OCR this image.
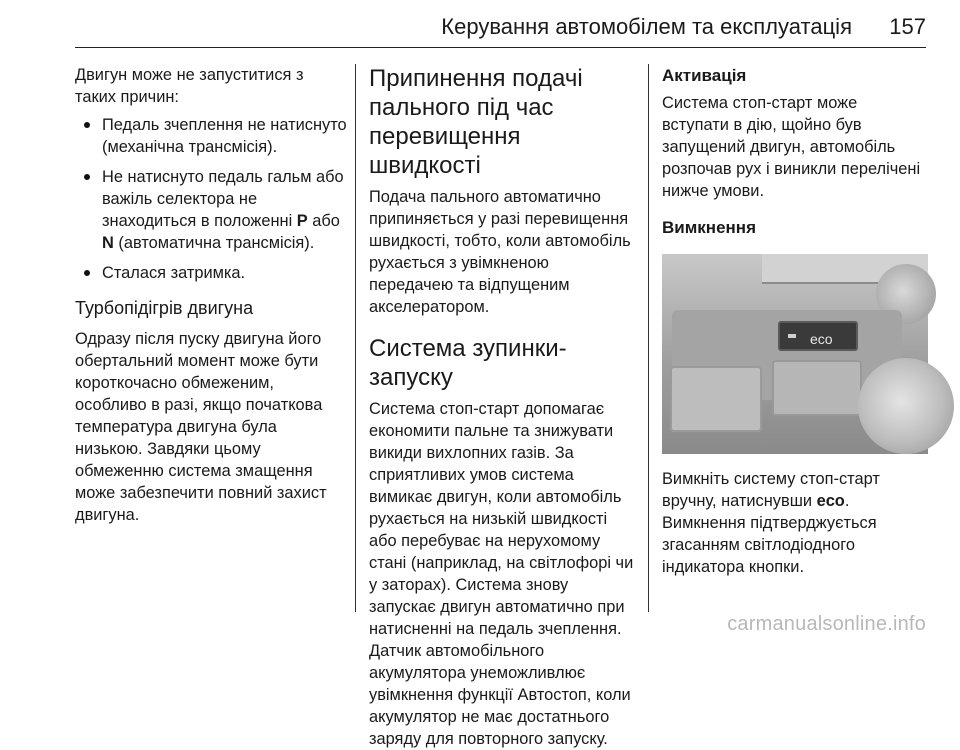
Керування автомобілем та експлуатація 157

Двигун може не запуститися з таких причин:

Педаль зчеплення не натиснуто (механічна трансмісія).
Не натиснуто педаль гальм або важіль селектора не знаходиться в положенні P або N (автоматична трансмісія).
Сталася затримка.
Турбопідігрів двигуна

Одразу після пуску двигуна його обертальний момент може бути короткочасно обмеженим, особливо в разі, якщо початкова температура двигуна була низькою. Завдяки цьому обмеженню система змащення може забезпечити повний захист двигуна.

Припинення подачі пального під час перевищення швидкості

Подача пального автоматично припиняється у разі перевищення швидкості, тобто, коли автомобіль рухається з увімкненою передачею та відпущеним акселератором.

Система зупинки-запуску

Система стоп-старт допомагає економити пальне та знижувати викиди вихлопних газів. За сприятливих умов система вимикає двигун, коли автомобіль рухається на низькій швидкості або перебуває на нерухомому стані (наприклад, на світлофорі чи у заторах). Система знову запускає двигун автоматично при натисненні на педаль зчеплення. Датчик автомобільного акумулятора унеможливлює увімкнення функції Автостоп, коли акумулятор не має достатнього заряду для повторного запуску.

Активація

Система стоп-старт може вступати в дію, щойно був запущений двигун, автомобіль розпочав рух і виникли перелічені нижче умови.

Вимкнення
eco

Вимкніть систему стоп-старт вручну, натиснувши eco. Вимкнення підтверджується згасанням світлодіодного індикатора кнопки.

carmanualsonline.info
